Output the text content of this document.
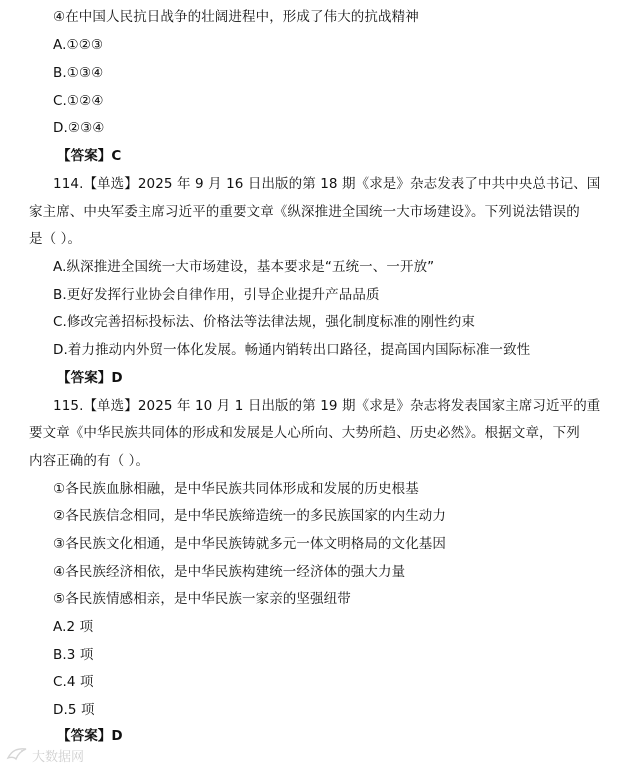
④在中国人民抗日战争的壮阔进程中，形成了伟大的抗战精神
A.①②③
B.①③④
C.①②④
D.②③④
【答案】C
114.【单选】2025 年 9 月 16 日出版的第 18 期《求是》杂志发表了中共中央总书记、国
家主席、中央军委主席习近平的重要文章《纵深推进全国统一大市场建设》。下列说法错误的
是（ ）。
A.纵深推进全国统一大市场建设，基本要求是“五统一、一开放”
B.更好发挥行业协会自律作用，引导企业提升产品品质
C.修改完善招标投标法、价格法等法律法规，强化制度标准的刚性约束
D.着力推动内外贸一体化发展。畅通内销转出口路径，提高国内国际标准一致性
【答案】D
115.【单选】2025 年 10 月 1 日出版的第 19 期《求是》杂志将发表国家主席习近平的重
要文章《中华民族共同体的形成和发展是人心所向、大势所趋、历史必然》。根据文章，下列
内容正确的有（ ）。
①各民族血脉相融，是中华民族共同体形成和发展的历史根基
②各民族信念相同，是中华民族缔造统一的多民族国家的内生动力
③各民族文化相通，是中华民族铸就多元一体文明格局的文化基因
④各民族经济相依，是中华民族构建统一经济体的强大力量
⑤各民族情感相亲，是中华民族一家亲的坚强纽带
A.2 项
B.3 项
C.4 项
D.5 项
【答案】D
大数据网
